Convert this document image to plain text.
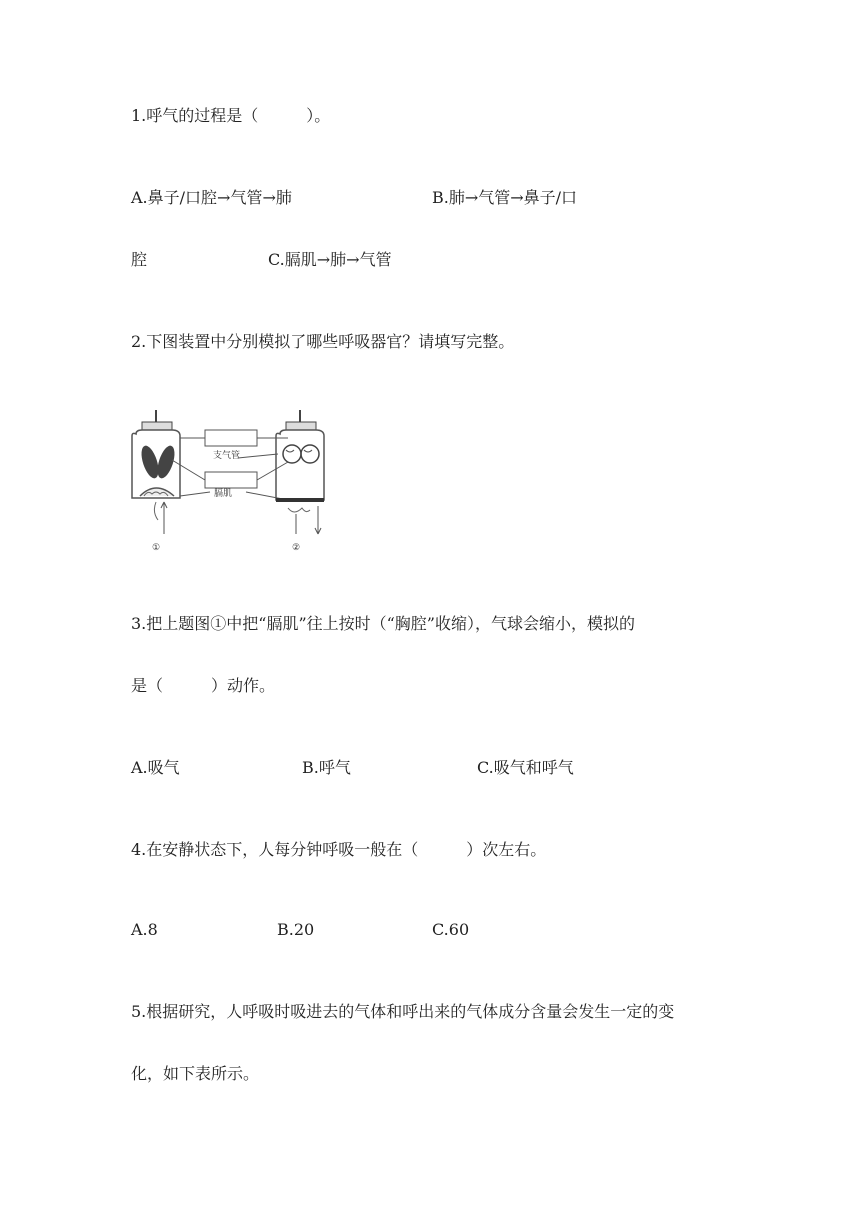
1.呼气的过程是（　　　）。
A.鼻子/口腔→气管→肺	B.肺→气管→鼻子/口
腔	C.膈肌→肺→气管
2.下图装置中分别模拟了哪些呼吸器官？请填写完整。
支气管
膈肌
①	②
3.把上题图①中把“膈肌”往上按时（“胸腔”收缩），气球会缩小，模拟的
是（　　　）动作。
A.吸气	B.呼气	C.吸气和呼气
4.在安静状态下，人每分钟呼吸一般在（　　　）次左右。
A.8	B.20	C.60
5.根据研究，人呼吸时吸进去的气体和呼出来的气体成分含量会发生一定的变
化，如下表所示。
